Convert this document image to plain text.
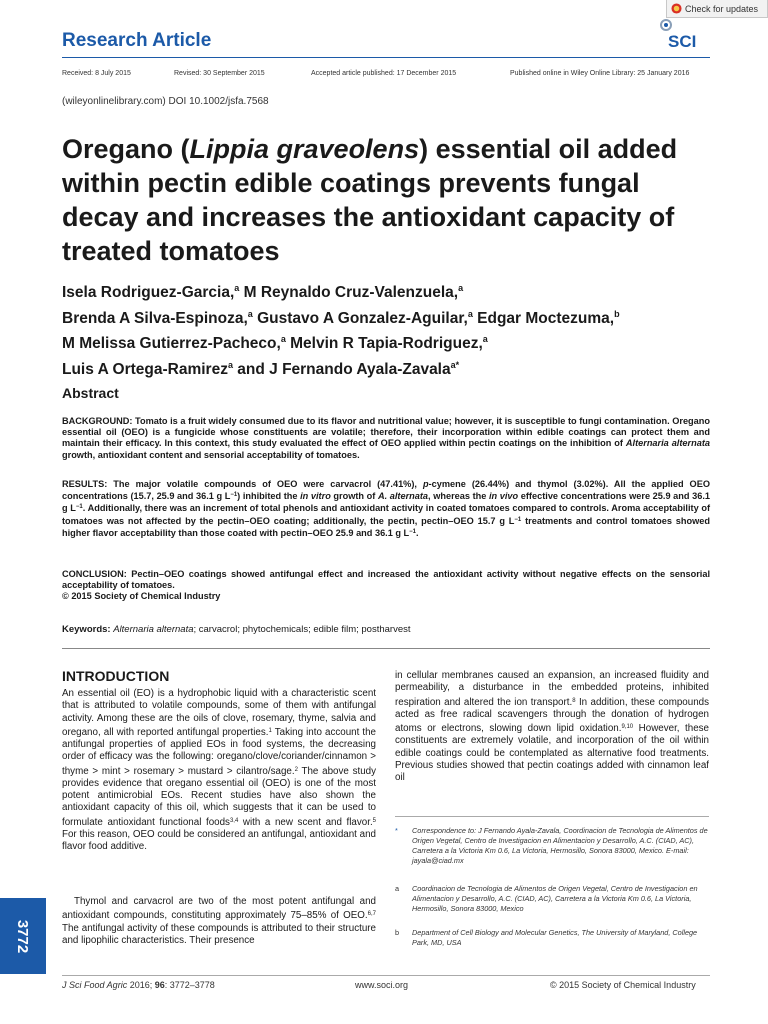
Research Article
Check for updates
SCI
Received: 8 July 2015	Revised: 30 September 2015	Accepted article published: 17 December 2015	Published online in Wiley Online Library: 25 January 2016
(wileyonlinelibrary.com) DOI 10.1002/jsfa.7568
Oregano (Lippia graveolens) essential oil added within pectin edible coatings prevents fungal decay and increases the antioxidant capacity of treated tomatoes
Isela Rodriguez-Garcia,$^a$ M Reynaldo Cruz-Valenzuela,$^a$
Brenda A Silva-Espinoza,$^a$ Gustavo A Gonzalez-Aguilar,$^a$ Edgar Moctezuma,$^b$
M Melissa Gutierrez-Pacheco,$^a$ Melvin R Tapia-Rodriguez,$^a$
Luis A Ortega-Ramirez$^a$ and J Fernando Ayala-Zavala$^{a*}$
Abstract

BACKGROUND: Tomato is a fruit widely consumed due to its flavor and nutritional value; however, it is susceptible to fungi contamination. Oregano essential oil (OEO) is a fungicide whose constituents are volatile; therefore, their incorporation within edible coatings can protect them and maintain their efficacy. In this context, this study evaluated the effect of OEO applied within pectin coatings on the inhibition of Alternaria alternata growth, antioxidant content and sensorial acceptability of tomatoes.

RESULTS: The major volatile compounds of OEO were carvacrol (47.41%), p-cymene (26.44%) and thymol (3.02%). All the applied OEO concentrations (15.7, 25.9 and 36.1 g $L^{-1}$) inhibited the in vitro growth of A. alternata, whereas the in vivo effective concentrations were 25.9 and 36.1 g $L^{-1}$. Additionally, there was an increment of total phenols and antioxidant activity in coated tomatoes compared to controls. Aroma acceptability of tomatoes was not affected by the pectin–OEO coating; additionally, the pectin, pectin–OEO 15.7 g $L^{-1}$ treatments and control tomatoes showed higher flavor acceptability than those coated with pectin–OEO 25.9 and 36.1 g $L^{-1}$.

CONCLUSION: Pectin–OEO coatings showed antifungal effect and increased the antioxidant activity without negative effects on the sensorial acceptability of tomatoes.
© 2015 Society of Chemical Industry

Keywords: Alternaria alternata; carvacrol; phytochemicals; edible film; postharvest
INTRODUCTION

An essential oil (EO) is a hydrophobic liquid with a characteristic scent that is attributed to volatile compounds, some of them with antifungal activity. Among these are the oils of clove, rosemary, thyme, salvia and oregano, all with reported antifungal properties.$^1$ Taking into account the antifungal properties of applied EOs in food systems, the decreasing order of efficacy was the following: oregano/clove/coriander/cinnamon > thyme > mint > rosemary > mustard > cilantro/sage.$^2$ The above study provides evidence that oregano essential oil (OEO) is one of the most potent antimicrobial EOs. Recent studies have also shown the antioxidant capacity of this oil, which suggests that it can be used to formulate antioxidant functional foods$^{3,4}$ with a new scent and flavor.$^5$ For this reason, OEO could be considered an antifungal, antioxidant and flavor food additive.

Thymol and carvacrol are two of the most potent antifungal and antioxidant compounds, constituting approximately 75–85% of OEO.$^{6,7}$ The antifungal activity of these compounds is attributed to their structure and lipophilic characteristics. Their presence

in cellular membranes caused an expansion, an increased fluidity and permeability, a disturbance in the embedded proteins, inhibited respiration and altered the ion transport.$^8$ In addition, these compounds acted as free radical scavengers through the donation of hydrogen atoms or electrons, slowing down lipid oxidation.$^{9,10}$ However, these constituents are extremely volatile, and incorporation of the oil within edible coatings could be contemplated as alternative food treatments. Previous studies showed that pectin coatings added with cinnamon leaf oil

* Correspondence to: J Fernando Ayala-Zavala, Coordinacion de Tecnologia de Alimentos de Origen Vegetal, Centro de Investigacion en Alimentacion y Desarrollo, A.C. (CIAD, AC), Carretera a la Victoria Km 0.6, La Victoria, Hermosillo, Sonora 83000, Mexico. E-mail: jayala@ciad.mx
a Coordinacion de Tecnologia de Alimentos de Origen Vegetal, Centro de Investigacion en Alimentacion y Desarrollo, A.C. (CIAD, AC), Carretera a la Victoria Km 0.6, La Victoria, Hermosillo, Sonora 83000, Mexico
b Department of Cell Biology and Molecular Genetics, The University of Maryland, College Park, MD, USA
3772
J Sci Food Agric 2016; 96: 3772–3778	www.soci.org	© 2015 Society of Chemical Industry
